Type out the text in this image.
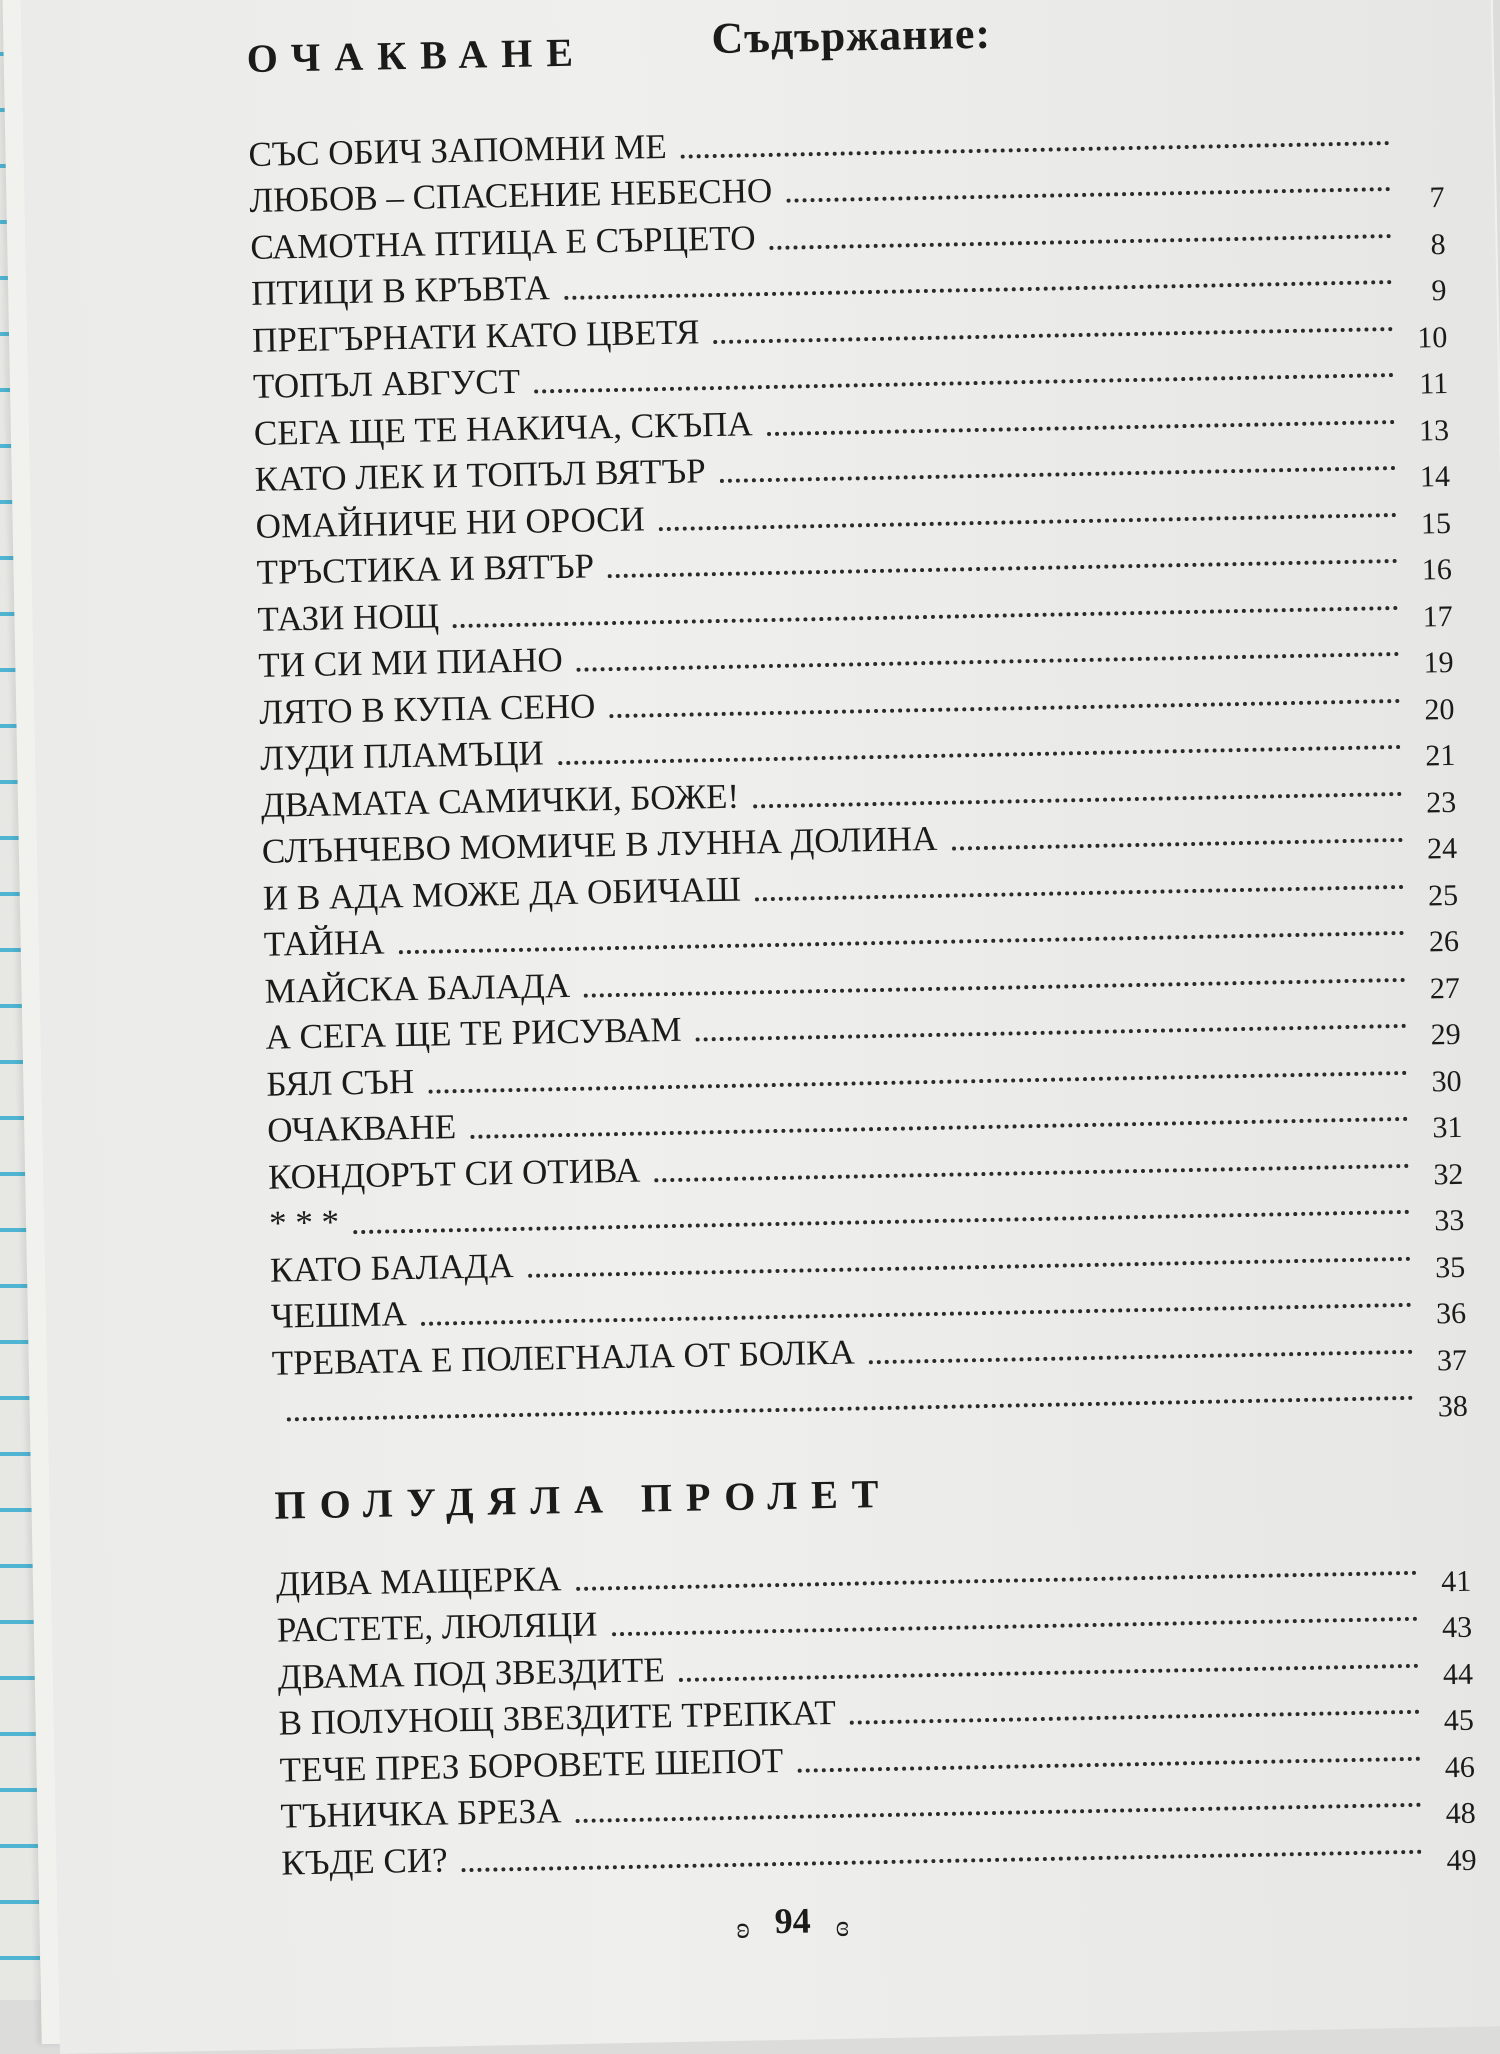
Съдържание:
ОЧАКВАНЕ
СЪС ОБИЧ ЗАПОМНИ МЕ
ЛЮБОВ – СПАСЕНИЕ НЕБЕСНО	7
САМОТНА ПТИЦА Е СЪРЦЕТО	8
ПТИЦИ В КРЪВТА	9
ПРЕГЪРНАТИ КАТО ЦВЕТЯ	10
ТОПЪЛ АВГУСТ	11
СЕГА ЩЕ ТЕ НАКИЧА, СКЪПА	13
КАТО ЛЕК И ТОПЪЛ ВЯТЪР	14
ОМАЙНИЧЕ НИ ОРОСИ	15
ТРЪСТИКА И ВЯТЪР	16
ТАЗИ НОЩ	17
ТИ СИ МИ ПИАНО	19
ЛЯТО В КУПА СЕНО	20
ЛУДИ ПЛАМЪЦИ	21
ДВАМАТА САМИЧКИ, БОЖЕ!	23
СЛЪНЧЕВО МОМИЧЕ В ЛУННА ДОЛИНА	24
И В АДА МОЖЕ ДА ОБИЧАШ	25
ТАЙНА	26
МАЙСКА БАЛАДА	27
А СЕГА ЩЕ ТЕ РИСУВАМ	29
БЯЛ СЪН	30
ОЧАКВАНЕ	31
КОНДОРЪТ СИ ОТИВА	32
* * *	33
КАТО БАЛАДА	35
ЧЕШМА	36
ТРЕВАТА Е ПОЛЕГНАЛА ОТ БОЛКА	37
38
ПОЛУДЯЛА ПРОЛЕТ
ДИВА МАЩЕРКА	41
РАСТЕТЕ, ЛЮЛЯЦИ	43
ДВАМА ПОД ЗВЕЗДИТЕ	44
В ПОЛУНОЩ ЗВЕЗДИТЕ ТРЕПКАТ	45
ТЕЧЕ ПРЕЗ БОРОВЕТЕ ШЕПОТ	46
ТЪНИЧКА БРЕЗА	48
КЪДЕ СИ?	49
ʚ 94 ɞ
